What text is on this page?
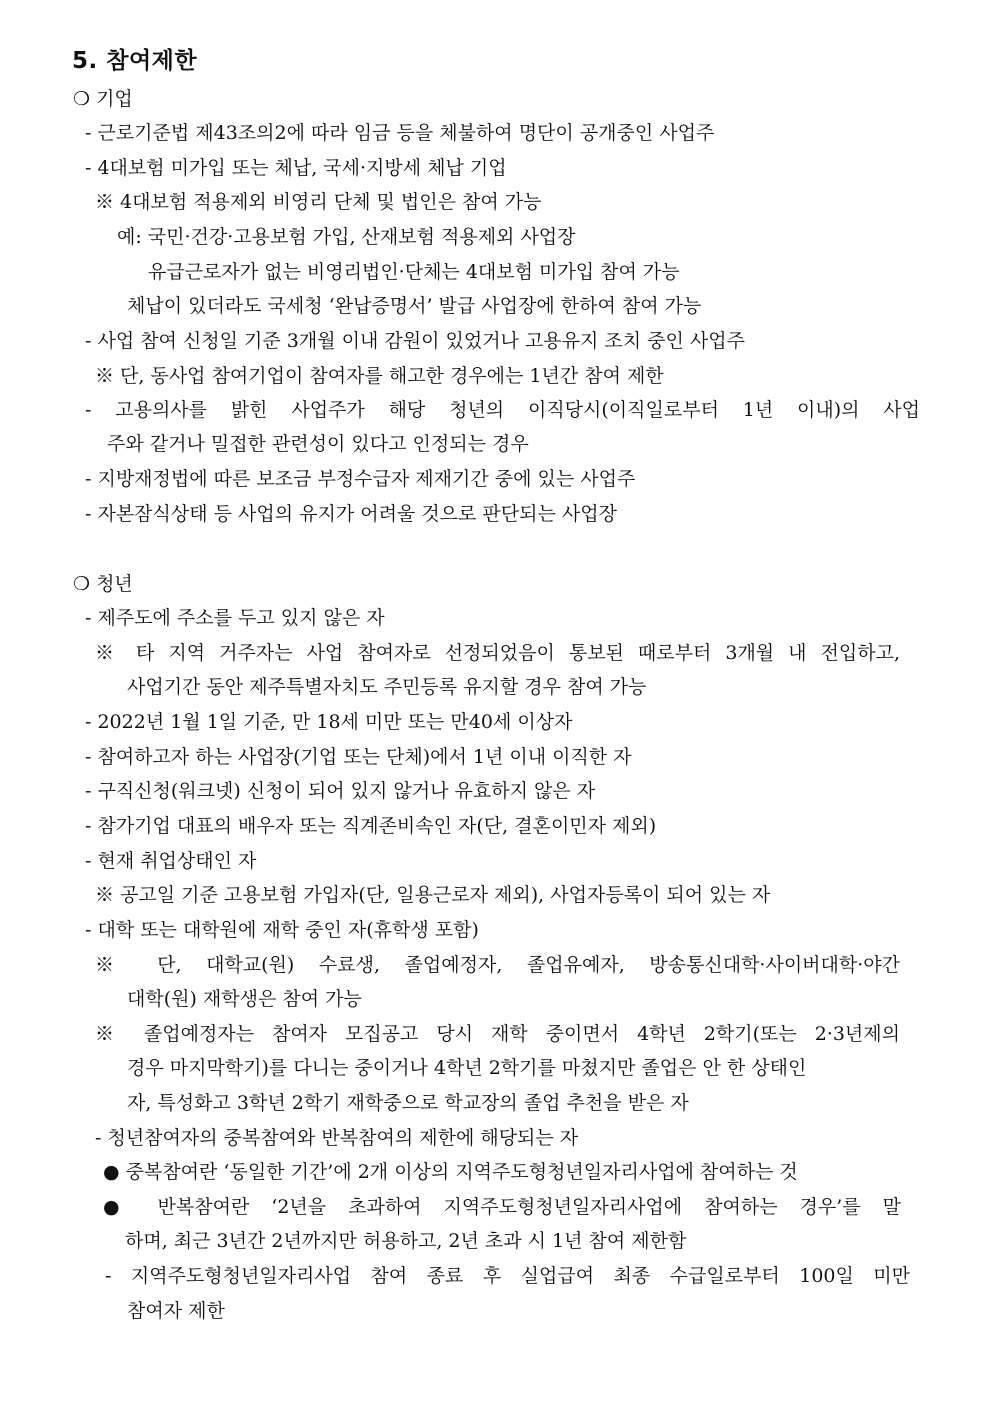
5. 참여제한
❍ 기업
- 근로기준법 제43조의2에 따라 임금 등을 체불하여 명단이 공개중인 사업주
- 4대보험 미가입 또는 체납, 국세·지방세 체납 기업
※ 4대보험 적용제외 비영리 단체 및 법인은 참여 가능
예: 국민·건강·고용보험 가입, 산재보험 적용제외 사업장
유급근로자가 없는 비영리법인·단체는 4대보험 미가입 참여 가능
체납이 있더라도 국세청 ‘완납증명서’ 발급 사업장에 한하여 참여 가능
- 사업 참여 신청일 기준 3개월 이내 감원이 있었거나 고용유지 조치 중인 사업주
※ 단, 동사업 참여기업이 참여자를 해고한 경우에는 1년간 참여 제한
- 고용의사를 밝힌 사업주가 해당 청년의 이직당시(이직일로부터 1년 이내)의 사업
주와 같거나 밀접한 관련성이 있다고 인정되는 경우
- 지방재정법에 따른 보조금 부정수급자 제재기간 중에 있는 사업주
- 자본잠식상태 등 사업의 유지가 어려울 것으로 판단되는 사업장
❍ 청년
- 제주도에 주소를 두고 있지 않은 자
※ 타 지역 거주자는 사업 참여자로 선정되었음이 통보된 때로부터 3개월 내 전입하고,
사업기간 동안 제주특별자치도 주민등록 유지할 경우 참여 가능
- 2022년 1월 1일 기준, 만 18세 미만 또는 만40세 이상자
- 참여하고자 하는 사업장(기업 또는 단체)에서 1년 이내 이직한 자
- 구직신청(워크넷) 신청이 되어 있지 않거나 유효하지 않은 자
- 참가기업 대표의 배우자 또는 직계존비속인 자(단, 결혼이민자 제외)
- 현재 취업상태인 자
※ 공고일 기준 고용보험 가입자(단, 일용근로자 제외), 사업자등록이 되어 있는 자
- 대학 또는 대학원에 재학 중인 자(휴학생 포함)
※ 단, 대학교(원) 수료생, 졸업예정자, 졸업유예자, 방송통신대학·사이버대학·야간
대학(원) 재학생은 참여 가능
※ 졸업예정자는 참여자 모집공고 당시 재학 중이면서 4학년 2학기(또는 2·3년제의
경우 마지막학기)를 다니는 중이거나 4학년 2학기를 마쳤지만 졸업은 안 한 상태인
자, 특성화고 3학년 2학기 재학중으로 학교장의 졸업 추천을 받은 자
- 청년참여자의 중복참여와 반복참여의 제한에 해당되는 자
● 중복참여란 ‘동일한 기간’에 2개 이상의 지역주도형청년일자리사업에 참여하는 것
● 반복참여란 ‘2년을 초과하여 지역주도형청년일자리사업에 참여하는 경우’를 말
하며, 최근 3년간 2년까지만 허용하고, 2년 초과 시 1년 참여 제한함
- 지역주도형청년일자리사업 참여 종료 후 실업급여 최종 수급일로부터 100일 미만
참여자 제한
